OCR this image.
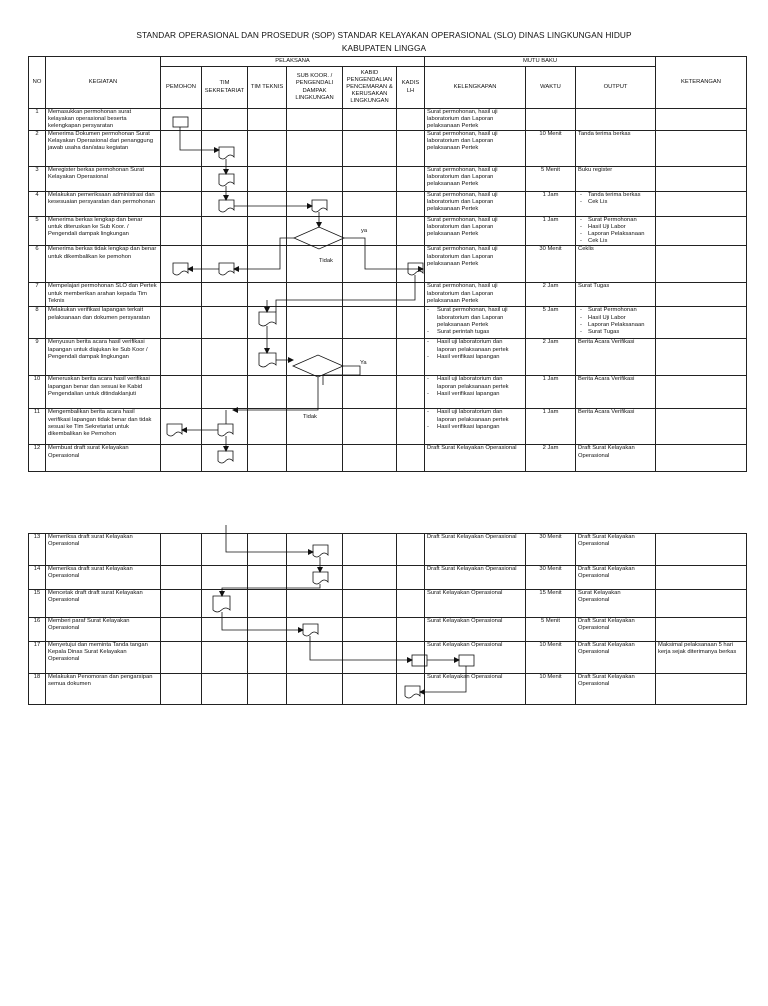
STANDAR OPERASIONAL DAN PROSEDUR (SOP) STANDAR KELAYAKAN OPERASIONAL (SLO) DINAS LINGKUNGAN HIDUP
KABUPATEN LINGGA
NO	KEGIATAN	PELAKSANA						MUTU BAKU			KETERANGAN
		PEMOHON	TIM SEKRETARIAT	TIM TEKNIS	SUB KOOR. / PENGENDALI DAMPAK LINGKUNGAN	KABID PENGENDALIAN PENCEMARAN & KERUSAKAN LINGKUNGAN	KADIS LH	KELENGKAPAN	WAKTU	OUTPUT	
1	Memasukkan permohonan surat kelayakan operasional beserta kelengkapan persyaratan							Surat permohonan, hasil uji laboratorium dan Laporan pelaksanaan Pertek			

2	Menerima Dokumen permohonan Surat Kelayakan Operasional dari penanggung jawab usaha dan/atau kegiatan							Surat permohonan, hasil uji laboratorium dan Laporan pelaksanaan Pertek	10 Menit	Tanda terima berkas	

3	Meregister berkas permohonan Surat Kelayakan Operasional							Surat permohonan, hasil uji laboratorium dan Laporan pelaksanaan Pertek	5 Menit	Buku register	

4	Melakukan pemeriksaan administrasi dan kesesuaian persyaratan dan permohonan							Surat permohonan, hasil uji laboratorium dan Laporan pelaksanaan Pertek	1 Jam	- Tanda terima berkas
- Cek Lis

5	Menerima berkas lengkap dan benar untuk diteruskan ke Sub Koor. / Pengendali dampak lingkungan							Surat permohonan, hasil uji laboratorium dan Laporan pelaksanaan Pertek	1 Jam	- Surat Permohonan
- Hasil Uji Labor
- Laporan Pelaksanaan
- Cek Lis

6	Menerima berkas tidak lengkap dan benar untuk dikembalikan ke pemohon							Surat permohonan, hasil uji laboratorium dan Laporan pelaksanaan Pertek	30 Menit	Ceklis	

7	Mempelajari permohonan SLO dan Pertek untuk memberikan arahan kepada Tim Teknis							Surat permohonan, hasil uji laboratorium dan Laporan pelaksanaan Pertek	2 Jam	Surat Tugas	

8	Melakukan verifikasi lapangan terkait pelaksanaan dan dokumen persyaratan							- Surat permohonan, hasil uji laboratorium dan Laporan pelaksanaan Pertek
- Surat perintah tugas	5 Jam	- Surat Permohonan
- Hasil Uji Labor
- Laporan Pelaksanaan
- Surat Tugas

9	Menyusun berita acara hasil verifikasi lapangan untuk diajukan ke Sub Koor / Pengendali dampak lingkungan							- Hasil uji laboratorium dan laporan pelaksanaan pertek
- Hasil verifikasi lapangan	2 Jam	Berita Acara Verifikasi	

10	Meneruskan berita acara hasil verifikasi lapangan benar dan sesuai ke Kabid Pengendalian untuk ditindaklanjuti							- Hasil uji laboratorium dan laporan pelaksanaan pertek
- Hasil verifikasi lapangan	1 Jam	Berita Acara Verifikasi	

11	Mengembalikan berita acara hasil verifikasi lapangan tidak benar dan tidak sesuai ke Tim Sekretariat untuk dikembalikan ke Pemohon							- Hasil uji laboratorium dan laporan pelaksanaan pertek
- Hasil verifikasi lapangan	1 Jam	Berita Acara Verifikasi	

12	Membuat draft surat Kelayakan Operasional							Draft Surat Kelayakan Operasional	2 Jam	Draft Surat Kelayakan Operasional	

13	Memeriksa draft surat Kelayakan Operasional							Draft Surat Kelayakan Operasional	30 Menit	Draft Surat Kelayakan Operasional	

14	Memeriksa draft surat Kelayakan Operasional							Draft Surat Kelayakan Operasional	30 Menit	Draft Surat Kelayakan Operasional	

15	Mencetak draft draft surat Kelayakan Operasional							Surat Kelayakan Operasional	15 Menit	Surat Kelayakan Operasional	

16	Memberi paraf Surat Kelayakan Operasional							Surat Kelayakan Operasional	5 Menit	Draft Surat Kelayakan Operasional	

17	Menyetujui dan meminta Tanda tangan Kepala Dinas Surat Kelayakan Operasional							Surat Kelayakan Operasional	10 Menit	Draft Surat Kelayakan Operasional	Maksimal pelaksanaan 5 hari kerja sejak diterimanya berkas
18	Melakukan Penomoran dan pengarsipan semua dokumen							Surat Kelayakan Operasional	10 Menit	Draft Surat Kelayakan Operasional	

ya
Tidak
Ya
Tidak
